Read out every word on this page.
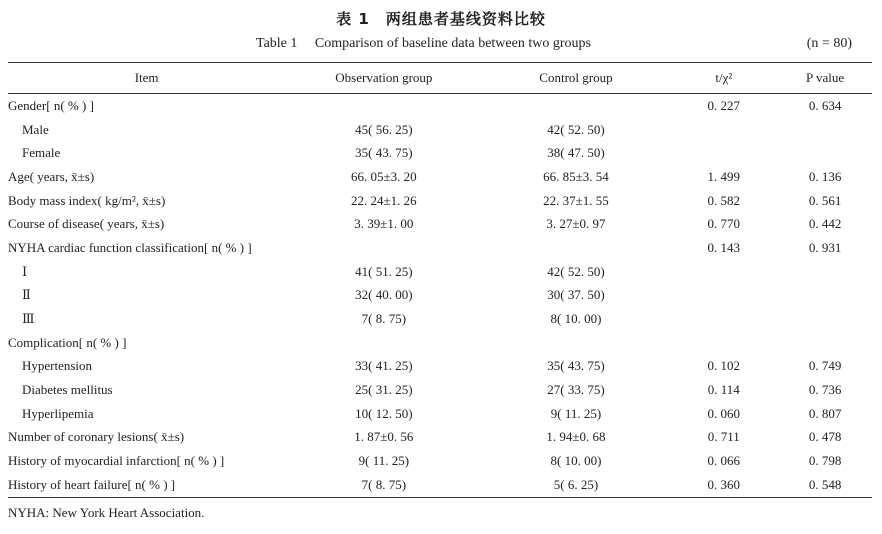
表 1　两组患者基线资料比较
Table 1 Comparison of baseline data between two groups	(n = 80)
Item	Observation group	Control group	t/χ²	P value
Gender[ n( % ) ]			0. 227	0. 634
Male	45( 56. 25)	42( 52. 50)		
Female	35( 43. 75)	38( 47. 50)		
Age( years, x̄±s)	66. 05±3. 20	66. 85±3. 54	1. 499	0. 136
Body mass index( kg/m², x̄±s)	22. 24±1. 26	22. 37±1. 55	0. 582	0. 561
Course of disease( years, x̄±s)	3. 39±1. 00	3. 27±0. 97	0. 770	0. 442
NYHA cardiac function classification[ n( % ) ]			0. 143	0. 931
Ⅰ	41( 51. 25)	42( 52. 50)		
Ⅱ	32( 40. 00)	30( 37. 50)		
Ⅲ	7( 8. 75)	8( 10. 00)		
Complication[ n( % ) ]				
Hypertension	33( 41. 25)	35( 43. 75)	0. 102	0. 749
Diabetes mellitus	25( 31. 25)	27( 33. 75)	0. 114	0. 736
Hyperlipemia	10( 12. 50)	9( 11. 25)	0. 060	0. 807
Number of coronary lesions( x̄±s)	1. 87±0. 56	1. 94±0. 68	0. 711	0. 478
History of myocardial infarction[ n( % ) ]	9( 11. 25)	8( 10. 00)	0. 066	0. 798
History of heart failure[ n( % ) ]	7( 8. 75)	5( 6. 25)	0. 360	0. 548
NYHA: New York Heart Association.
